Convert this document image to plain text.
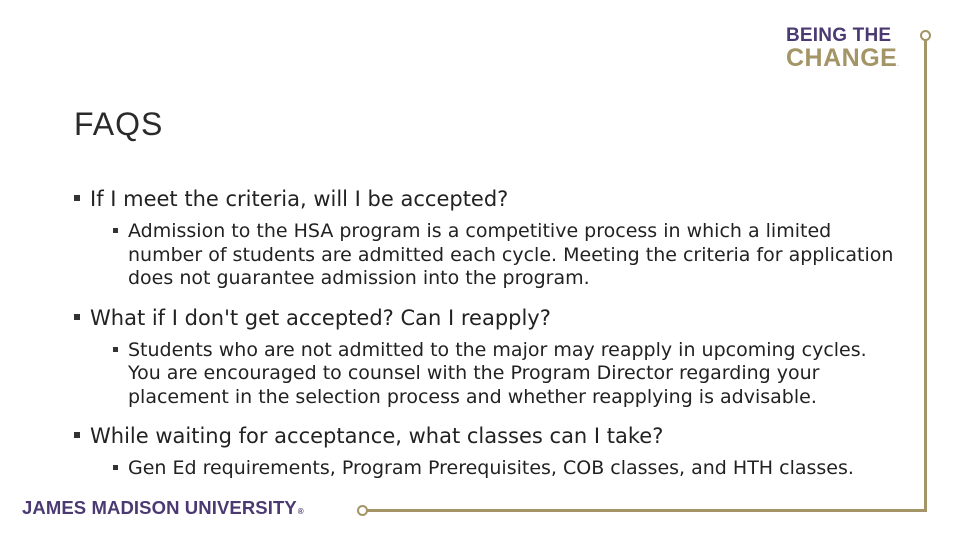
BEING THE
CHANGE.
FAQS
If I meet the criteria, will I be accepted?
Admission to the HSA program is a competitive process in which a limited number of students are admitted each cycle. Meeting the criteria for application does not guarantee admission into the program.
What if I don't get accepted? Can I reapply?
Students who are not admitted to the major may reapply in upcoming cycles. You are encouraged to counsel with the Program Director regarding your placement in the selection process and whether reapplying is advisable.
While waiting for acceptance, what classes can I take?
Gen Ed requirements, Program Prerequisites, COB classes, and HTH classes.
JAMES MADISON UNIVERSITY®
